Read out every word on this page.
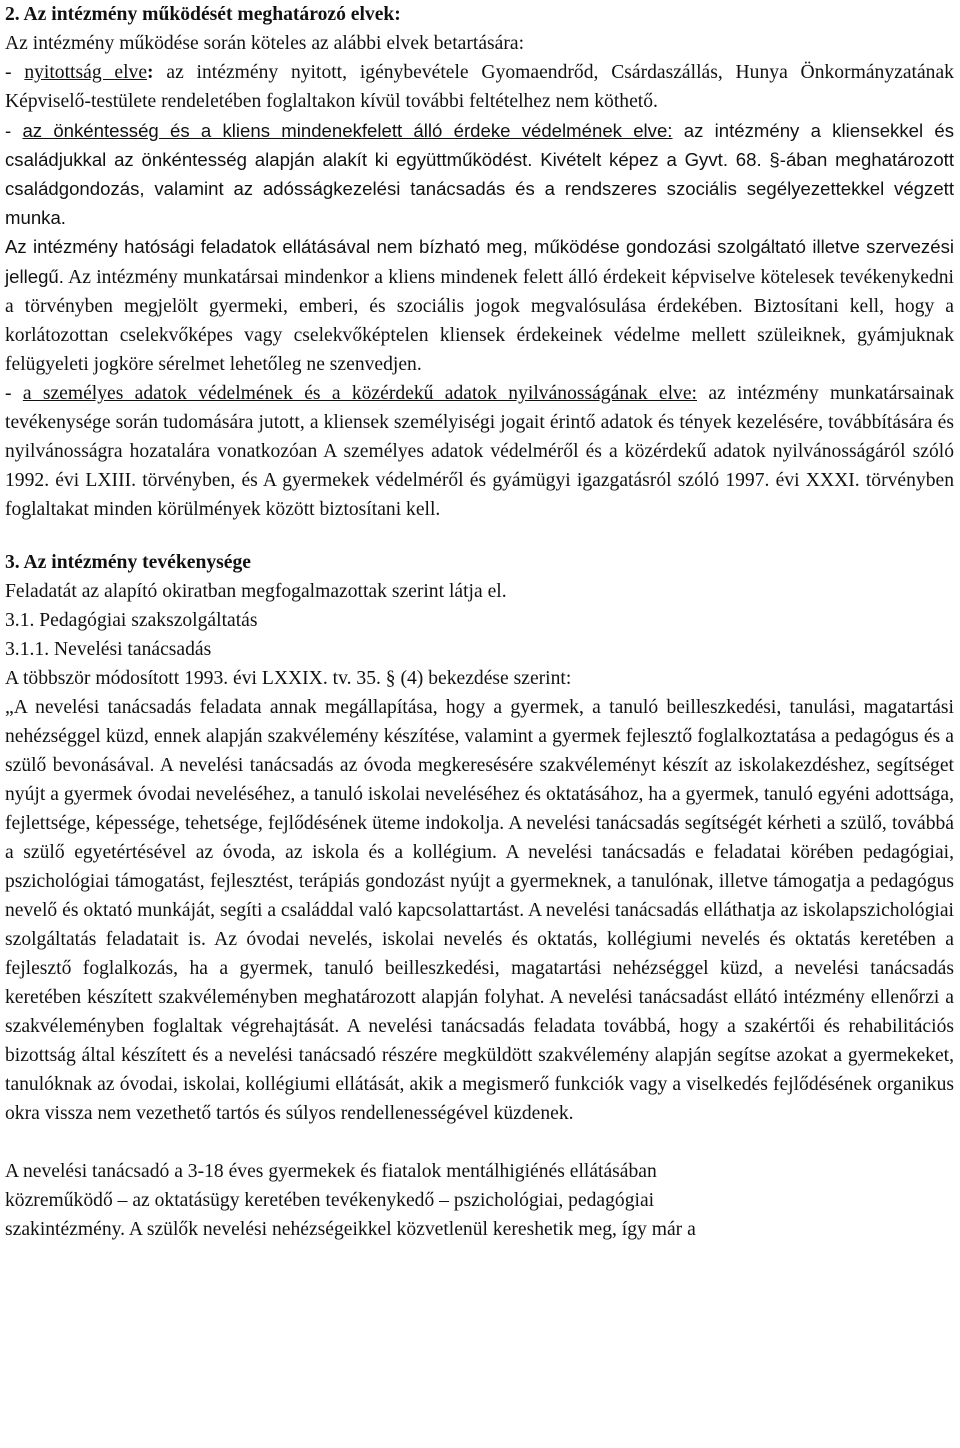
2. Az intézmény működését meghatározó elvek:

Az intézmény működése során köteles az alábbi elvek betartására:

- nyitottság elve: az intézmény nyitott, igénybevétele Gyomaendrőd, Csárdaszállás, Hunya Önkormányzatának Képviselő-testülete rendeletében foglaltakon kívül további feltételhez nem köthető.

- az önkéntesség és a kliens mindenekfelett álló érdeke védelmének elve: az intézmény a kliensekkel és családjukkal az önkéntesség alapján alakít ki együttműködést. Kivételt képez a Gyvt. 68. §-ában meghatározott családgondozás, valamint az adósságkezelési tanácsadás és a rendszeres szociális segélyezettekkel végzett munka.

Az intézmény hatósági feladatok ellátásával nem bízható meg, működése gondozási szolgáltató illetve szervezési jellegű. Az intézmény munkatársai mindenkor a kliens mindenek felett álló érdekeit képviselve kötelesek tevékenykedni a törvényben megjelölt gyermeki, emberi, és szociális jogok megvalósulása érdekében. Biztosítani kell, hogy a korlátozottan cselekvőképes vagy cselekvőképtelen kliensek érdekeinek védelme mellett szüleiknek, gyámjuknak felügyeleti jogköre sérelmet lehetőleg ne szenvedjen.

- a személyes adatok védelmének és a közérdekű adatok nyilvánosságának elve: az intézmény munkatársainak tevékenysége során tudomására jutott, a kliensek személyiségi jogait érintő adatok és tények kezelésére, továbbítására és nyilvánosságra hozatalára vonatkozóan A személyes adatok védelméről és a közérdekű adatok nyilvánosságáról szóló 1992. évi LXIII. törvényben, és A gyermekek védelméről és gyámügyi igazgatásról szóló 1997. évi XXXI. törvényben foglaltakat minden körülmények között biztosítani kell.

3. Az intézmény tevékenysége

Feladatát az alapító okiratban megfogalmazottak szerint látja el.

3.1. Pedagógiai szakszolgáltatás

3.1.1. Nevelési tanácsadás

A többször módosított 1993. évi LXXIX. tv. 35. § (4) bekezdése szerint:

„A nevelési tanácsadás feladata annak megállapítása, hogy a gyermek, a tanuló beilleszkedési, tanulási, magatartási nehézséggel küzd, ennek alapján szakvélemény készítése, valamint a gyermek fejlesztő foglalkoztatása a pedagógus és a szülő bevonásával. A nevelési tanácsadás az óvoda megkeresésére szakvéleményt készít az iskolakezdéshez, segítséget nyújt a gyermek óvodai neveléséhez, a tanuló iskolai neveléséhez és oktatásához, ha a gyermek, tanuló egyéni adottsága, fejlettsége, képessége, tehetsége, fejlődésének üteme indokolja. A nevelési tanácsadás segítségét kérheti a szülő, továbbá a szülő egyetértésével az óvoda, az iskola és a kollégium. A nevelési tanácsadás e feladatai körében pedagógiai, pszichológiai támogatást, fejlesztést, terápiás gondozást nyújt a gyermeknek, a tanulónak, illetve támogatja a pedagógus nevelő és oktató munkáját, segíti a családdal való kapcsolattartást. A nevelési tanácsadás elláthatja az iskolapszichológiai szolgáltatás feladatait is. Az óvodai nevelés, iskolai nevelés és oktatás, kollégiumi nevelés és oktatás keretében a fejlesztő foglalkozás, ha a gyermek, tanuló beilleszkedési, magatartási nehézséggel küzd, a nevelési tanácsadás keretében készített szakvéleményben meghatározott alapján folyhat. A nevelési tanácsadást ellátó intézmény ellenőrzi a szakvéleményben foglaltak végrehajtását. A nevelési tanácsadás feladata továbbá, hogy a szakértői és rehabilitációs bizottság által készített és a nevelési tanácsadó részére megküldött szakvélemény alapján segítse azokat a gyermekeket, tanulóknak az óvodai, iskolai, kollégiumi ellátását, akik a megismerő funkciók vagy a viselkedés fejlődésének organikus okra vissza nem vezethető tartós és súlyos rendellenességével küzdenek.

A nevelési tanácsadó a 3-18 éves gyermekek és fiatalok mentálhigiénés ellátásában

közreműködő – az oktatásügy keretében tevékenykedő – pszichológiai, pedagógiai

szakintézmény. A szülők nevelési nehézségeikkel közvetlenül kereshetik meg, így már a
